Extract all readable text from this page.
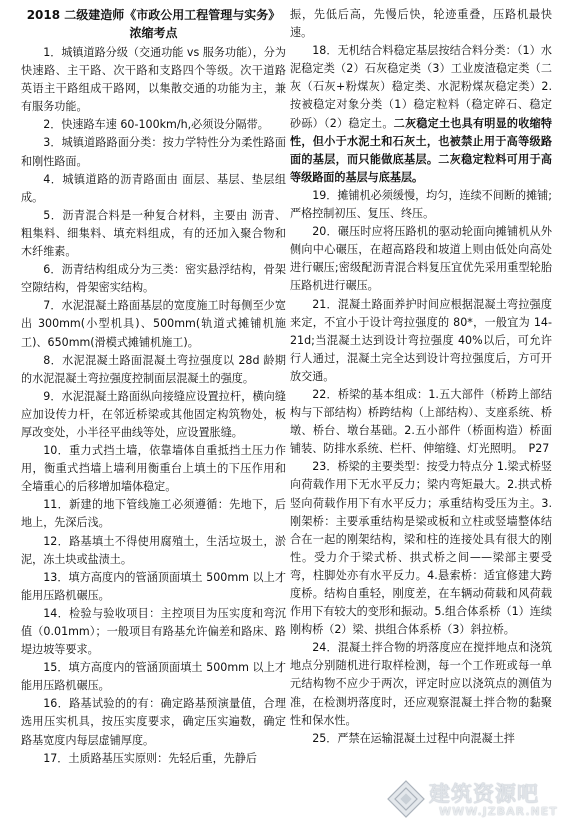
2018 二级建造师《市政公用工程管理与实务》

浓缩考点

1．城镇道路分级（交通功能 vs 服务功能），分为快速路、主干路、次干路和支路四个等级。次干道路英语主干路组成干路网，以集散交通的功能为主，兼有服务功能。

2．快速路车速 60-100km/h,必须设分隔带。

3．城镇道路路面分类：按力学特性分为柔性路面和刚性路面。

4．城镇道路的沥青路面由 面层、基层、垫层组成。

5．沥青混合料是一种复合材料，主要由 沥青、粗集料、细集料、填充料组成，有的还加入聚合物和木纤维素。

6．沥青结构组成分为三类：密实悬浮结构，骨架空隙结构，骨架密实结构。

7．水泥混凝土路面基层的宽度施工时每侧至少宽出 300mm(小型机具)、500mm(轨道式摊铺机施工)、650mm(滑模式摊铺机施工)。

8．水泥混凝土路面混凝土弯拉强度以 28d 龄期的水泥混凝土弯拉强度控制面层混凝土的强度。

9．水泥混凝土路面纵向接缝应设置拉杆，横向缝应加设传力杆，在邻近桥梁或其他固定构筑物处，板厚改变处，小半径平曲线等处，应设置胀缝。

10．重力式挡土墙，依靠墙体自重抵挡土压力作用，衡重式挡墙上墙利用衡重台上填土的下压作用和全墙重心的后移增加墙体稳定。

11．新建的地下管线施工必须遵循：先地下，后地上，先深后浅。

12．路基填土不得使用腐殖土，生活垃圾土，淤泥，冻土块或盐渍土。

13．填方高度内的管涵顶面填土 500mm 以上才能用压路机碾压。

14．检验与验收项目：主控项目为压实度和弯沉值（0.01mm）；一般项目有路基允许偏差和路床、路堤边坡等要求。

15．填方高度内的管涵顶面填土 500mm 以上才能用压路机碾压。

16．路基试验的的有：确定路基预演量值，合理选用压实机具，按压实度要求，确定压实遍数，确定路基宽度内每层虚铺厚度。

17．土质路基压实原则：先轻后重，先静后

振，先低后高，先慢后快，轮迹重叠，压路机最快速。

18．无机结合料稳定基层按结合料分类：（1）水泥稳定类（2）石灰稳定类（3）工业废渣稳定类（二灰（石灰+粉煤灰）稳定类、水泥粉煤灰稳定类）2.按被稳定对象分类（1）稳定粒料（稳定碎石、稳定砂砾）（2）稳定土。二灰稳定土也具有明显的收缩特性，但小于水泥土和石灰土，也被禁止用于高等级路面的基层，而只能做底基层。二灰稳定粒料可用于高等级路面的基层与底基层。

19．摊铺机必须缓慢，均匀，连续不间断的摊铺;严格控制初压、复压、终压。

20．碾压时应将压路机的驱动轮面向摊铺机从外侧向中心碾压，在超高路段和坡道上则由低处向高处进行碾压;密级配沥青混合料复压宜优先采用重型轮胎压路机进行碾压。

21．混凝土路面养护时间应根据混凝土弯拉强度来定，不宜小于设计弯拉强度的 80*，一般宜为 14-21d;当混凝土达到设计弯拉强度 40%以后，可允许行人通过，混凝土完全达到设计弯拉强度后，方可开放交通。

22．桥梁的基本组成：1.五大部件（桥跨上部结构与下部结构）桥跨结构（上部结构）、支座系统、桥墩、桥台、墩台基础。2.五小部件（桥面构造）桥面铺装、防排水系统、栏杆、伸缩缝、灯光照明。　P27

23．桥梁的主要类型：按受力特点分 1.梁式桥竖向荷载作用下无水平反力；梁内弯矩最大。2.拱式桥竖向荷载作用下有水平反力；承重结构受压为主。3.刚架桥：主要承重结构是梁或板和立柱或竖墙整体结合在一起的刚架结构，梁和柱的连接处具有很大的刚性。受力介于梁式桥、拱式桥之间——梁部主要受弯，柱脚处亦有水平反力。4.悬索桥：适宜修建大跨度桥。结构自重轻，刚度差，在车辆动荷载和风荷载作用下有较大的变形和振动。5.组合体系桥（1）连续刚构桥（2）梁、拱组合体系桥（3）斜拉桥。

24．混凝土拌合物的坍落度应在搅拌地点和浇筑地点分别随机进行取样检测，每一个工作班或每一单元结构物不应少于两次，评定时应以浇筑点的测值为准，在检测坍落度时，还应观察混凝土拌合物的黏聚性和保水性。

25．严禁在运输混凝土过程中向混凝土拌

建筑资源吧
WWW.JZBAR.NET
